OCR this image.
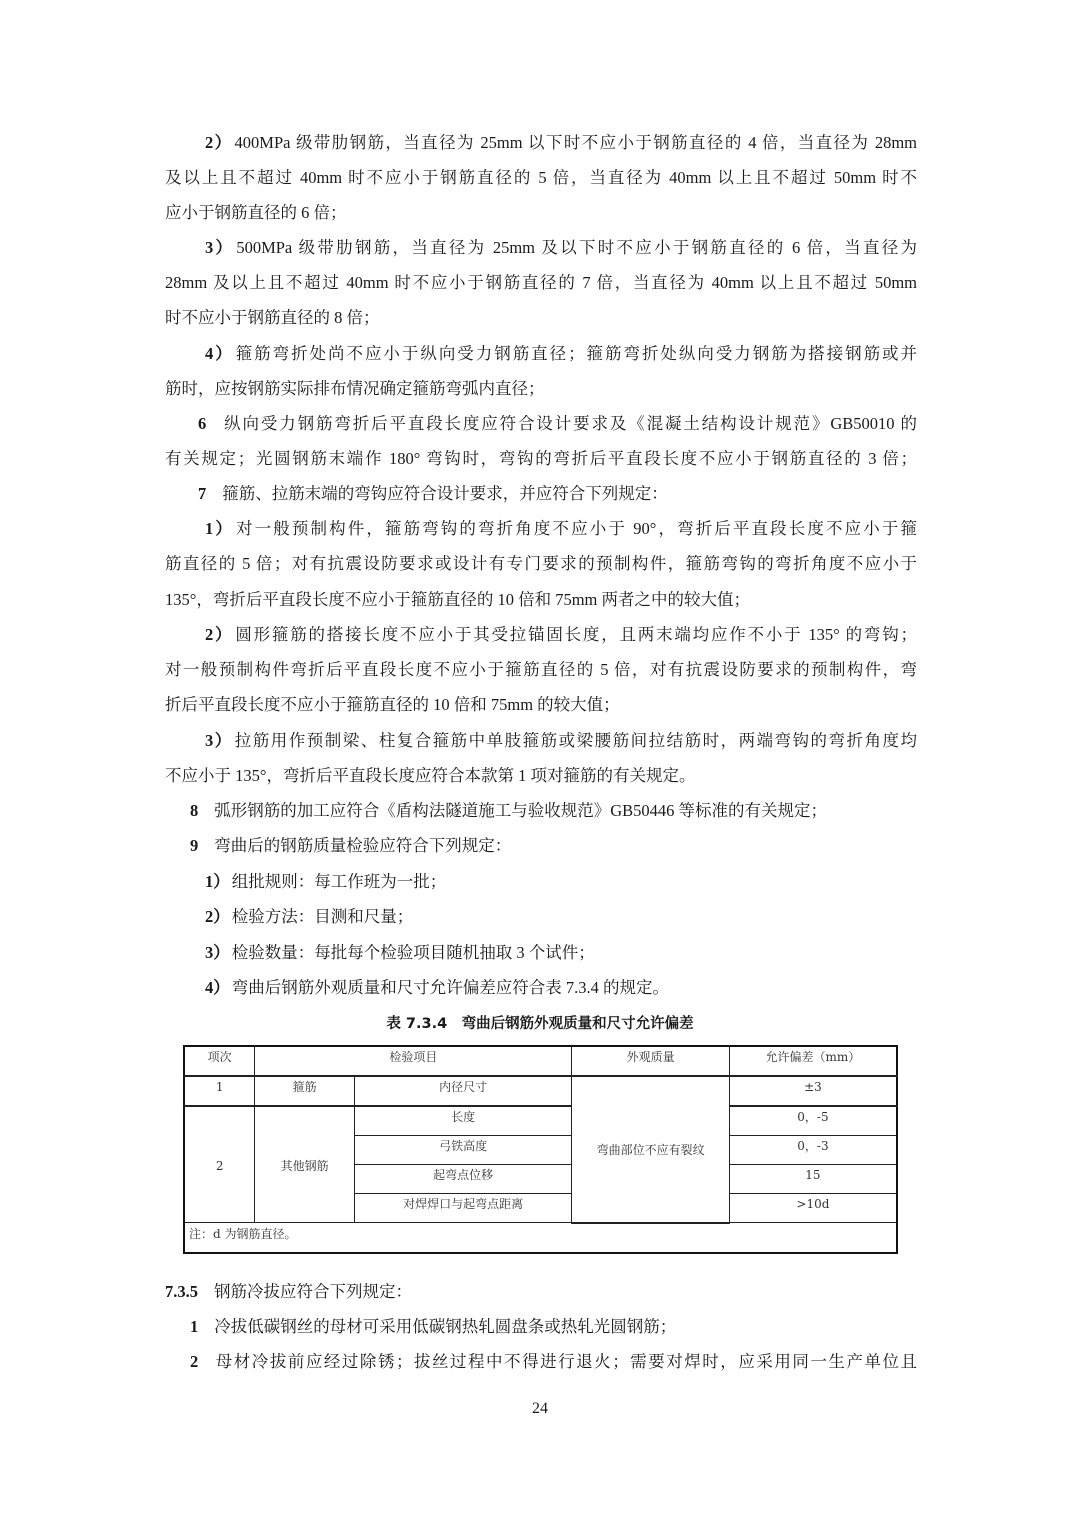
2） 400MPa 级带肋钢筋，当直径为 25mm 以下时不应小于钢筋直径的 4 倍，当直径为 28mm
及以上且不超过 40mm 时不应小于钢筋直径的 5 倍，当直径为 40mm 以上且不超过 50mm 时不
应小于钢筋直径的 6 倍；
3） 500MPa 级带肋钢筋，当直径为 25mm 及以下时不应小于钢筋直径的 6 倍，当直径为
28mm 及以上且不超过 40mm 时不应小于钢筋直径的 7 倍，当直径为 40mm 以上且不超过 50mm
时不应小于钢筋直径的 8 倍；
4） 箍筋弯折处尚不应小于纵向受力钢筋直径；箍筋弯折处纵向受力钢筋为搭接钢筋或并
筋时，应按钢筋实际排布情况确定箍筋弯弧内直径；
6 纵向受力钢筋弯折后平直段长度应符合设计要求及《混凝土结构设计规范》GB50010 的
有关规定；光圆钢筋末端作 180° 弯钩时，弯钩的弯折后平直段长度不应小于钢筋直径的 3 倍；
7 箍筋、拉筋末端的弯钩应符合设计要求，并应符合下列规定：
1） 对一般预制构件，箍筋弯钩的弯折角度不应小于 90°，弯折后平直段长度不应小于箍
筋直径的 5 倍；对有抗震设防要求或设计有专门要求的预制构件，箍筋弯钩的弯折角度不应小于
135°，弯折后平直段长度不应小于箍筋直径的 10 倍和 75mm 两者之中的较大值；
2） 圆形箍筋的搭接长度不应小于其受拉锚固长度，且两末端均应作不小于 135° 的弯钩；
对一般预制构件弯折后平直段长度不应小于箍筋直径的 5 倍，对有抗震设防要求的预制构件，弯
折后平直段长度不应小于箍筋直径的 10 倍和 75mm 的较大值；
3） 拉筋用作预制梁、柱复合箍筋中单肢箍筋或梁腰筋间拉结筋时，两端弯钩的弯折角度均
不应小于 135°，弯折后平直段长度应符合本款第 1 项对箍筋的有关规定。
8 弧形钢筋的加工应符合《盾构法隧道施工与验收规范》GB50446 等标准的有关规定；
9 弯曲后的钢筋质量检验应符合下列规定：
1） 组批规则：每工作班为一批；
2） 检验方法：目测和尺量；
3） 检验数量：每批每个检验项目随机抽取 3 个试件；
4） 弯曲后钢筋外观质量和尺寸允许偏差应符合表 7.3.4 的规定。
表 7.3.4　弯曲后钢筋外观质量和尺寸允许偏差
项次	检验项目		外观质量	允许偏差（mm）
1	箍筋	内径尺寸	弯曲部位不应有裂纹	±3
2	其他钢筋	长度		0，-5
		弓铁高度		0，-3
		起弯点位移		15
		对焊焊口与起弯点距离		>10d
注：d 为钢筋直径。				
7.3.5 钢筋冷拔应符合下列规定：
1 冷拔低碳钢丝的母材可采用低碳钢热轧圆盘条或热轧光圆钢筋；
2 母材冷拔前应经过除锈；拔丝过程中不得进行退火；需要对焊时，应采用同一生产单位且
24
